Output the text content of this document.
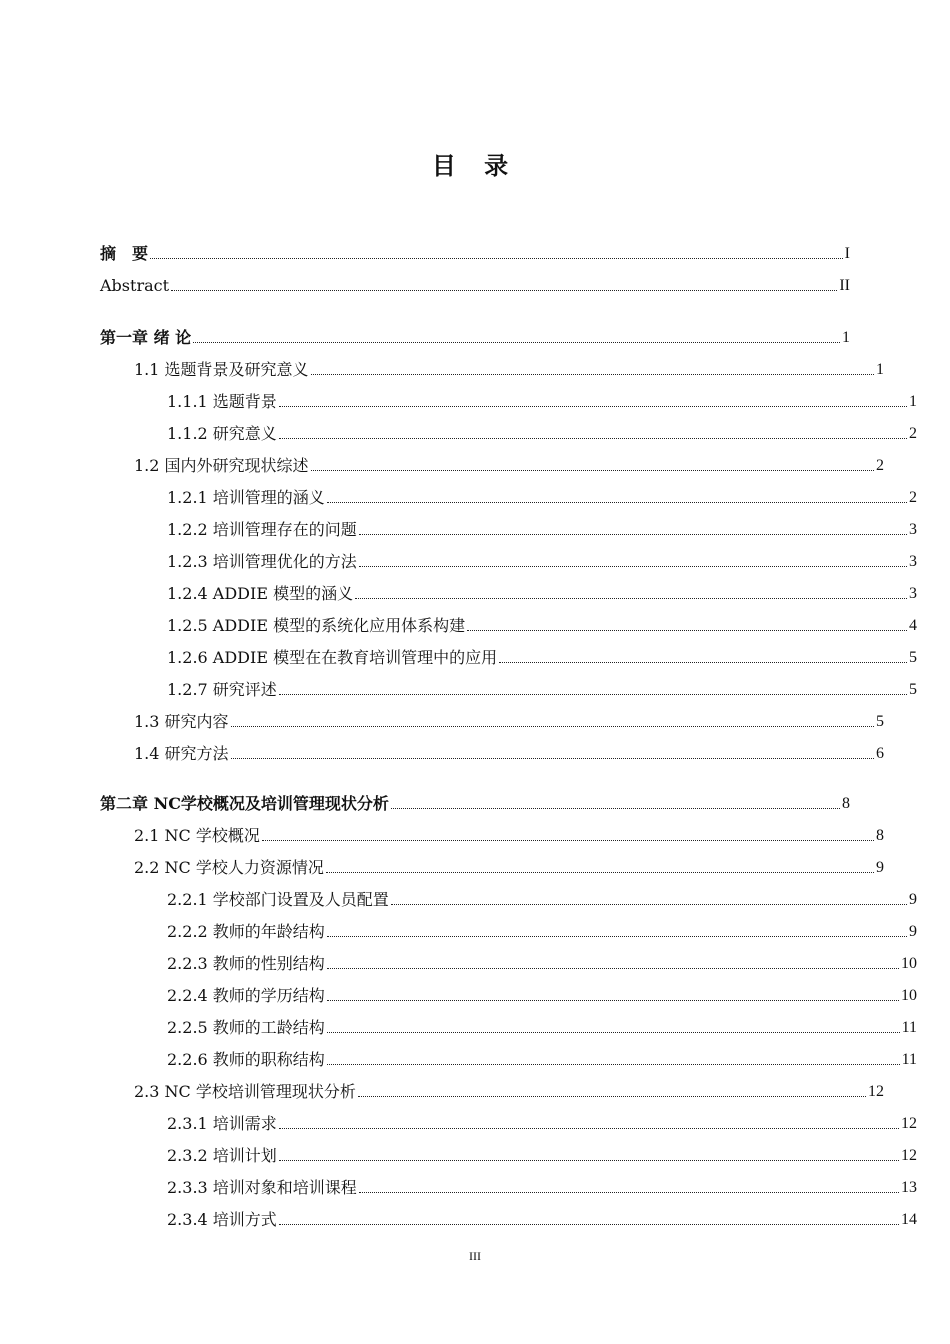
目 录
摘　要	I
Abstract	II
第一章 绪 论	1
1.1 选题背景及研究意义	1
1.1.1 选题背景	1
1.1.2 研究意义	2
1.2 国内外研究现状综述	2
1.2.1 培训管理的涵义	2
1.2.2 培训管理存在的问题	3
1.2.3 培训管理优化的方法	3
1.2.4 ADDIE 模型的涵义	3
1.2.5 ADDIE 模型的系统化应用体系构建	4
1.2.6 ADDIE 模型在在教育培训管理中的应用	5
1.2.7 研究评述	5
1.3 研究内容	5
1.4 研究方法	6
第二章 NC学校概况及培训管理现状分析	8
2.1 NC 学校概况	8
2.2 NC 学校人力资源情况	9
2.2.1 学校部门设置及人员配置	9
2.2.2 教师的年龄结构	9
2.2.3 教师的性别结构	10
2.2.4 教师的学历结构	10
2.2.5 教师的工龄结构	11
2.2.6 教师的职称结构	11
2.3 NC 学校培训管理现状分析	12
2.3.1 培训需求	12
2.3.2 培训计划	12
2.3.3 培训对象和培训课程	13
2.3.4 培训方式	14
III
